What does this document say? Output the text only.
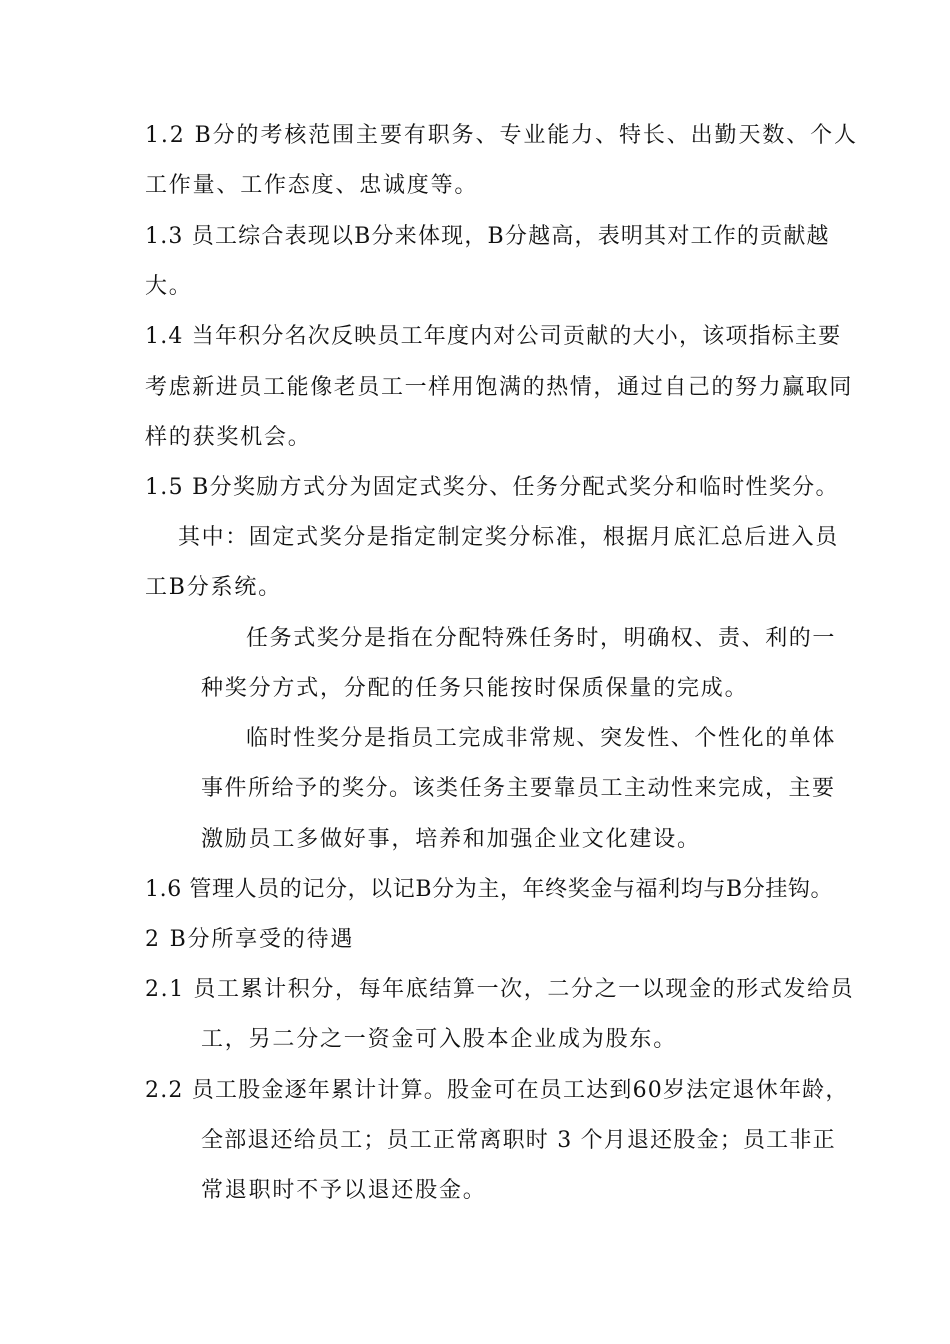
1.2 B分的考核范围主要有职务、专业能力、特长、出勤天数、个人
工作量、工作态度、忠诚度等。
1.3 员工综合表现以B分来体现，B分越高，表明其对工作的贡献越
大。
1.4 当年积分名次反映员工年度内对公司贡献的大小，该项指标主要
考虑新进员工能像老员工一样用饱满的热情，通过自己的努力赢取同
样的获奖机会。
1.5 B分奖励方式分为固定式奖分、任务分配式奖分和临时性奖分。
其中：固定式奖分是指定制定奖分标准，根据月底汇总后进入员
工B分系统。
任务式奖分是指在分配特殊任务时，明确权、责、利的一
种奖分方式，分配的任务只能按时保质保量的完成。
临时性奖分是指员工完成非常规、突发性、个性化的单体
事件所给予的奖分。该类任务主要靠员工主动性来完成，主要
激励员工多做好事，培养和加强企业文化建设。
1.6 管理人员的记分，以记B分为主，年终奖金与福利均与B分挂钩。
2 B分所享受的待遇
2.1 员工累计积分，每年底结算一次，二分之一以现金的形式发给员
工，另二分之一资金可入股本企业成为股东。
2.2 员工股金逐年累计计算。股金可在员工达到60岁法定退休年龄，
全部退还给员工；员工正常离职时 3 个月退还股金；员工非正
常退职时不予以退还股金。
